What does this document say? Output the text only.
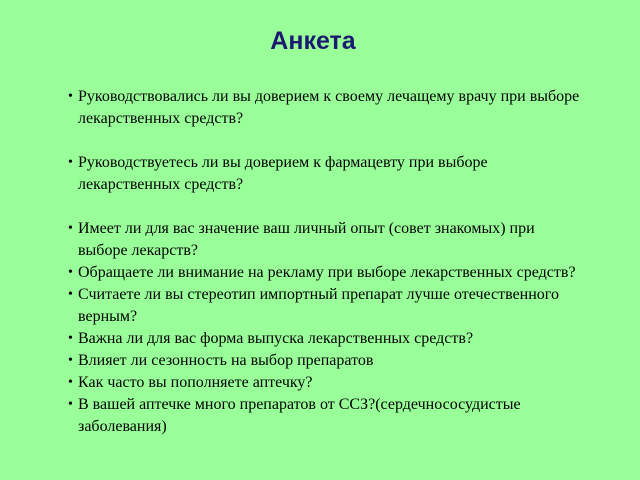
Анкета
• Руководствовались ли вы доверием к своему лечащему врачу при выборе лекарственных средств?
• Руководствуетесь ли вы доверием к фармацевту при выборе лекарственных средств?
• Имеет ли для вас значение ваш личный опыт (совет знакомых) при выборе лекарств?
• Обращаете ли внимание на рекламу при выборе лекарственных средств?
• Считаете ли вы стереотип импортный препарат лучше отечественного верным?
• Важна ли для вас форма выпуска лекарственных средств?
• Влияет ли сезонность на выбор препаратов
• Как часто вы пополняете аптечку?
• В вашей аптечке много препаратов от ССЗ?(сердечнососудистые заболевания)
